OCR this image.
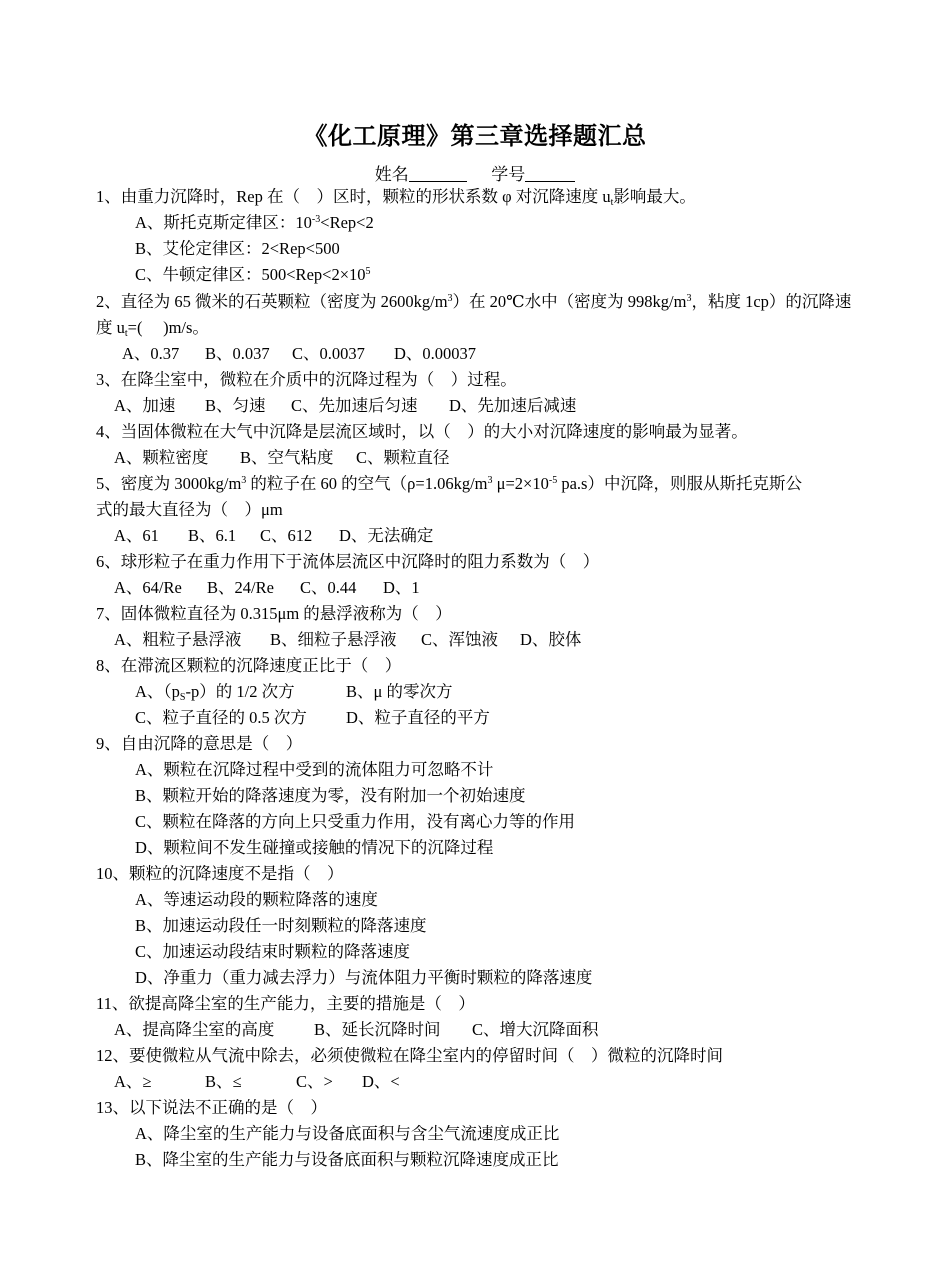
《化工原理》第三章选择题汇总
姓名	学号
1、由重力沉降时，Rep 在（　）区时，颗粒的形状系数 φ 对沉降速度 $u_t$影响最大。
A、斯托克斯定律区：$10^{-3}<Rep<2$
B、艾伦定律区：2<Rep<500
C、牛顿定律区：$500<Rep<2\times 10^5$
2、直径为 65 微米的石英颗粒（密度为 $2600kg/m^3$）在 20℃水中（密度为 $998kg/m^3$，粘度 1cp）的沉降速
度 $u_t=$(　 )m/s。
A、0.37 B、0.037 C、0.0037 D、0.00037
3、在降尘室中，微粒在介质中的沉降过程为（　）过程。
A、加速 B、匀速 C、先加速后匀速 D、先加速后减速
4、当固体微粒在大气中沉降是层流区域时，以（　）的大小对沉降速度的影响最为显著。
A、颗粒密度 B、空气粘度 C、颗粒直径
5、密度为 $3000kg/m^3$ 的粒子在 60 的空气（$\rho=1.06kg/m^3$ $\mu=2\times 10^{-5}$ pa.s）中沉降，则服从斯托克斯公
式的最大直径为（　）μm
A、61 B、6.1 C、612 D、无法确定
6、球形粒子在重力作用下于流体层流区中沉降时的阻力系数为（　）
A、64/Re B、24/Re C、0.44 D、1
7、固体微粒直径为 0.315μm 的悬浮液称为（　）
A、粗粒子悬浮液 B、细粒子悬浮液 C、浑蚀液 D、胶体
8、在滞流区颗粒的沉降速度正比于（　）
A、$(p_S-p)$的 1/2 次方	B、μ 的零次方
C、粒子直径的 0.5 次方 D、粒子直径的平方
9、自由沉降的意思是（　）
A、颗粒在沉降过程中受到的流体阻力可忽略不计
B、颗粒开始的降落速度为零，没有附加一个初始速度
C、颗粒在降落的方向上只受重力作用，没有离心力等的作用
D、颗粒间不发生碰撞或接触的情况下的沉降过程
10、颗粒的沉降速度不是指（　）
A、等速运动段的颗粒降落的速度
B、加速运动段任一时刻颗粒的降落速度
C、加速运动段结束时颗粒的降落速度
D、净重力（重力减去浮力）与流体阻力平衡时颗粒的降落速度
11、欲提高降尘室的生产能力，主要的措施是（　）
A、提高降尘室的高度 B、延长沉降时间 C、增大沉降面积
12、要使微粒从气流中除去，必须使微粒在降尘室内的停留时间（　）微粒的沉降时间
A、≥	B、≤	C、> D、<
13、以下说法不正确的是（　）
A、降尘室的生产能力与设备底面积与含尘气流速度成正比
B、降尘室的生产能力与设备底面积与颗粒沉降速度成正比
